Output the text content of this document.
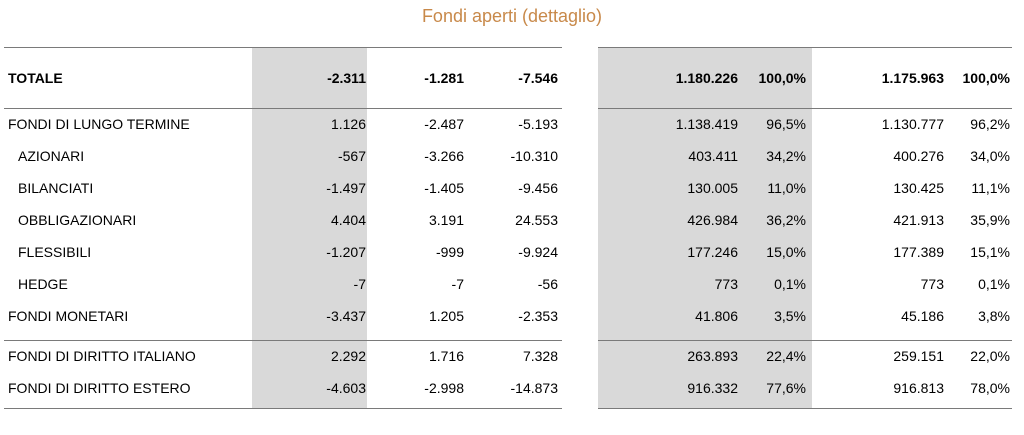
Fondi aperti (dettaglio)
TOTALE	-2.311	-1.281	-7.546	1.180.226 100,0%	1.175.963 100,0%
FONDI DI LUNGO TERMINE	1.126	-2.487	-5.193	1.138.419 96,5%	1.130.777 96,2%
AZIONARI	-567	-3.266	-10.310	403.411 34,2%	400.276 34,0%
BILANCIATI	-1.497	-1.405	-9.456	130.005 11,0%	130.425 11,1%
OBBLIGAZIONARI	4.404	3.191	24.553	426.984 36,2%	421.913 35,9%
FLESSIBILI	-1.207	-999	-9.924	177.246 15,0%	177.389 15,1%
HEDGE	-7	-7	-56	773	0,1%	773 0,1%
FONDI MONETARI	-3.437	1.205	-2.353	41.806	3,5%	45.186 3,8%
FONDI DI DIRITTO ITALIANO	2.292	1.716	7.328	263.893 22,4%	259.151 22,0%
FONDI DI DIRITTO ESTERO	-4.603	-2.998	-14.873	916.332 77,6%	916.813 78,0%
